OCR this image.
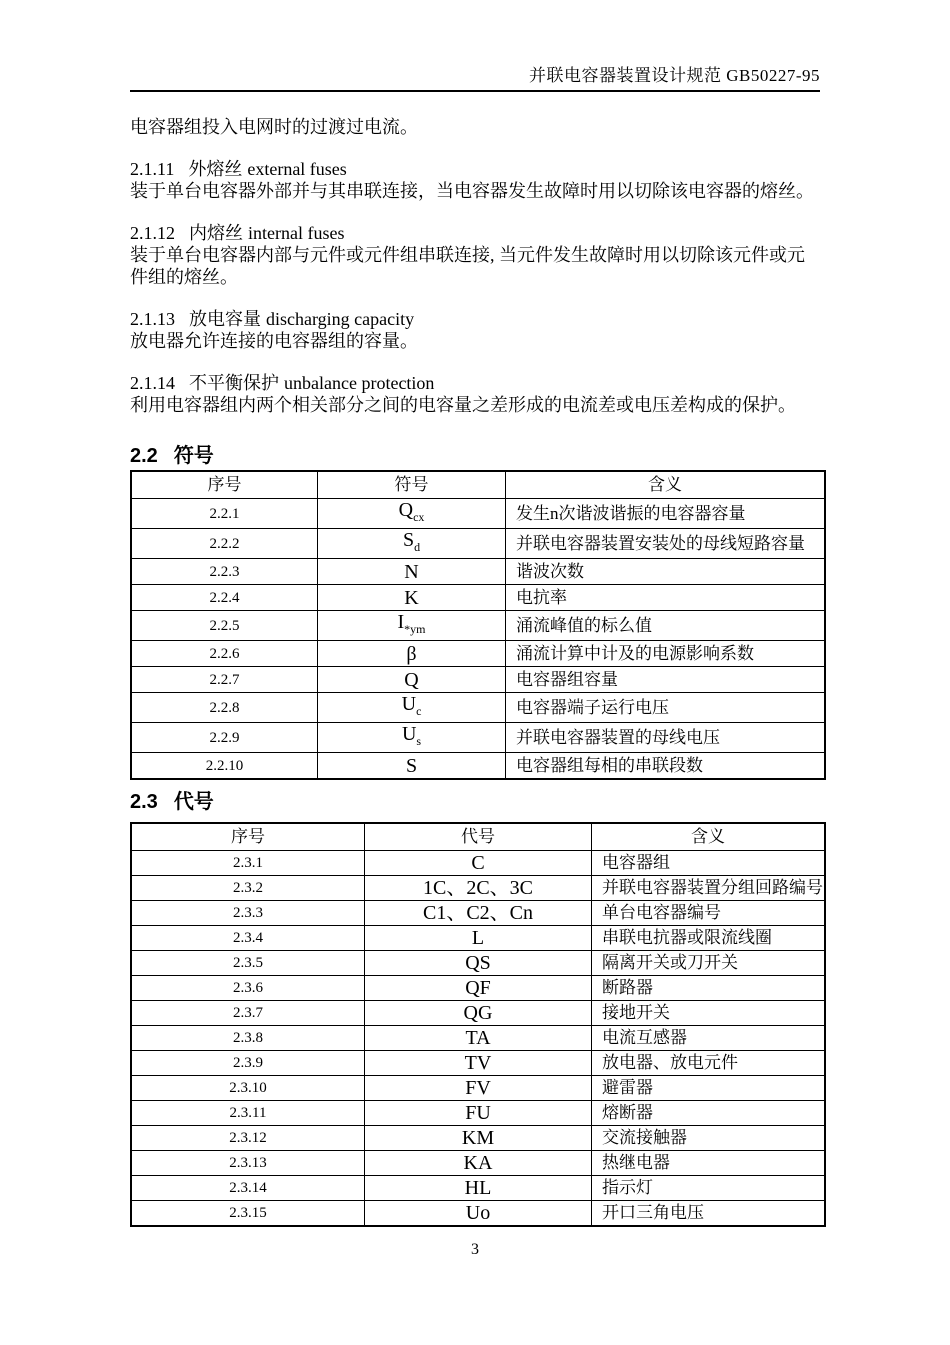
并联电容器装置设计规范 GB50227-95

电容器组投入电网时的过渡过电流。

2.1.11 外熔丝 external fuses

装于单台电容器外部并与其串联连接，当电容器发生故障时用以切除该电容器的熔丝。

2.1.12 内熔丝 internal fuses

装于单台电容器内部与元件或元件组串联连接, 当元件发生故障时用以切除该元件或元件组的熔丝。

2.1.13 放电容量 discharging capacity

放电器允许连接的电容器组的容量。

2.1.14 不平衡保护 unbalance protection

利用电容器组内两个相关部分之间的电容量之差形成的电流差或电压差构成的保护。

2.2 符号
序号	符号	含义
2.2.1	$Q_{cx}$	发生n次谐波谐振的电容器容量
2.2.2	$S_d$	并联电容器装置安装处的母线短路容量
2.2.3	N	谐波次数
2.2.4	K	电抗率
2.2.5	$I_{*ym}$	涌流峰值的标么值
2.2.6	β	涌流计算中计及的电源影响系数
2.2.7	Q	电容器组容量
2.2.8	$U_c$	电容器端子运行电压
2.2.9	$U_s$	并联电容器装置的母线电压
2.2.10	S	电容器组每相的串联段数
2.3 代号
序号	代号	含义
2.3.1	C	电容器组
2.3.2	1C、2C、3C	并联电容器装置分组回路编号
2.3.3	C1、C2、Cn	单台电容器编号
2.3.4	L	串联电抗器或限流线圈
2.3.5	QS	隔离开关或刀开关
2.3.6	QF	断路器
2.3.7	QG	接地开关
2.3.8	TA	电流互感器
2.3.9	TV	放电器、放电元件
2.3.10	FV	避雷器
2.3.11	FU	熔断器
2.3.12	KM	交流接触器
2.3.13	KA	热继电器
2.3.14	HL	指示灯
2.3.15	Uo	开口三角电压
3
